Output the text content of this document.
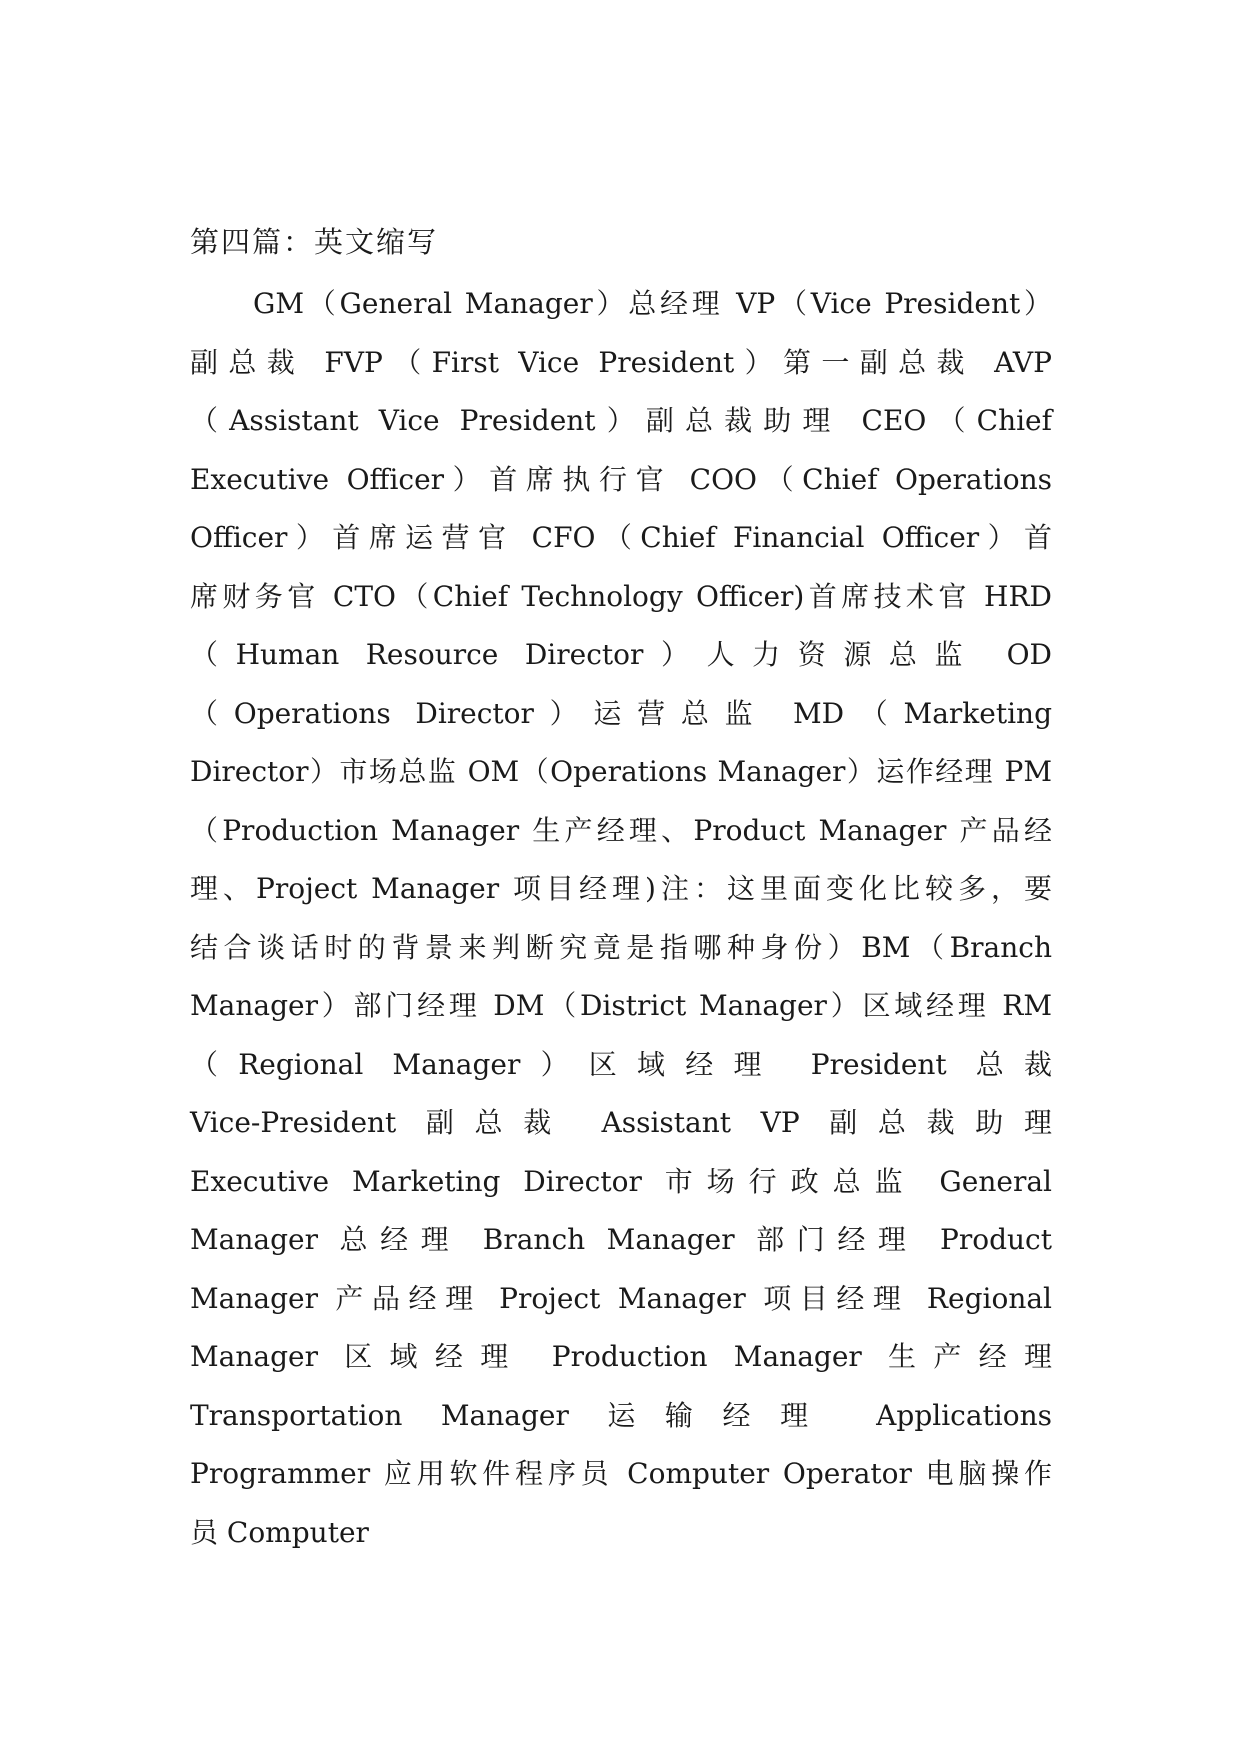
第四篇：英文缩写
GM（General Manager）总经理 VP（Vice President）
副总裁 FVP（First Vice President）第一副总裁 AVP
（Assistant Vice President）副总裁助理 CEO（Chief
Executive Officer）首席执行官 COO（Chief Operations
Officer）首席运营官 CFO（Chief Financial Officer）首
席财务官 CTO（Chief Technology Officer)首席技术官 HRD
（Human Resource Director）人力资源总监 OD
（Operations Director）运营总监 MD（Marketing
Director）市场总监 OM（Operations Manager）运作经理 PM
（Production Manager 生产经理、Product Manager 产品经
理、Project Manager 项目经理)注：这里面变化比较多，要
结合谈话时的背景来判断究竟是指哪种身份）BM（Branch
Manager）部门经理 DM（District Manager）区域经理 RM
（Regional Manager）区域经理 President 总裁
Vice-President 副总裁 Assistant VP 副总裁助理
Executive Marketing Director 市场行政总监 General
Manager 总经理 Branch Manager 部门经理 Product
Manager 产品经理 Project Manager 项目经理 Regional
Manager 区域经理 Production Manager 生产经理
Transportation Manager 运输经理 Applications
Programmer 应用软件程序员 Computer Operator 电脑操作
员 Computer
